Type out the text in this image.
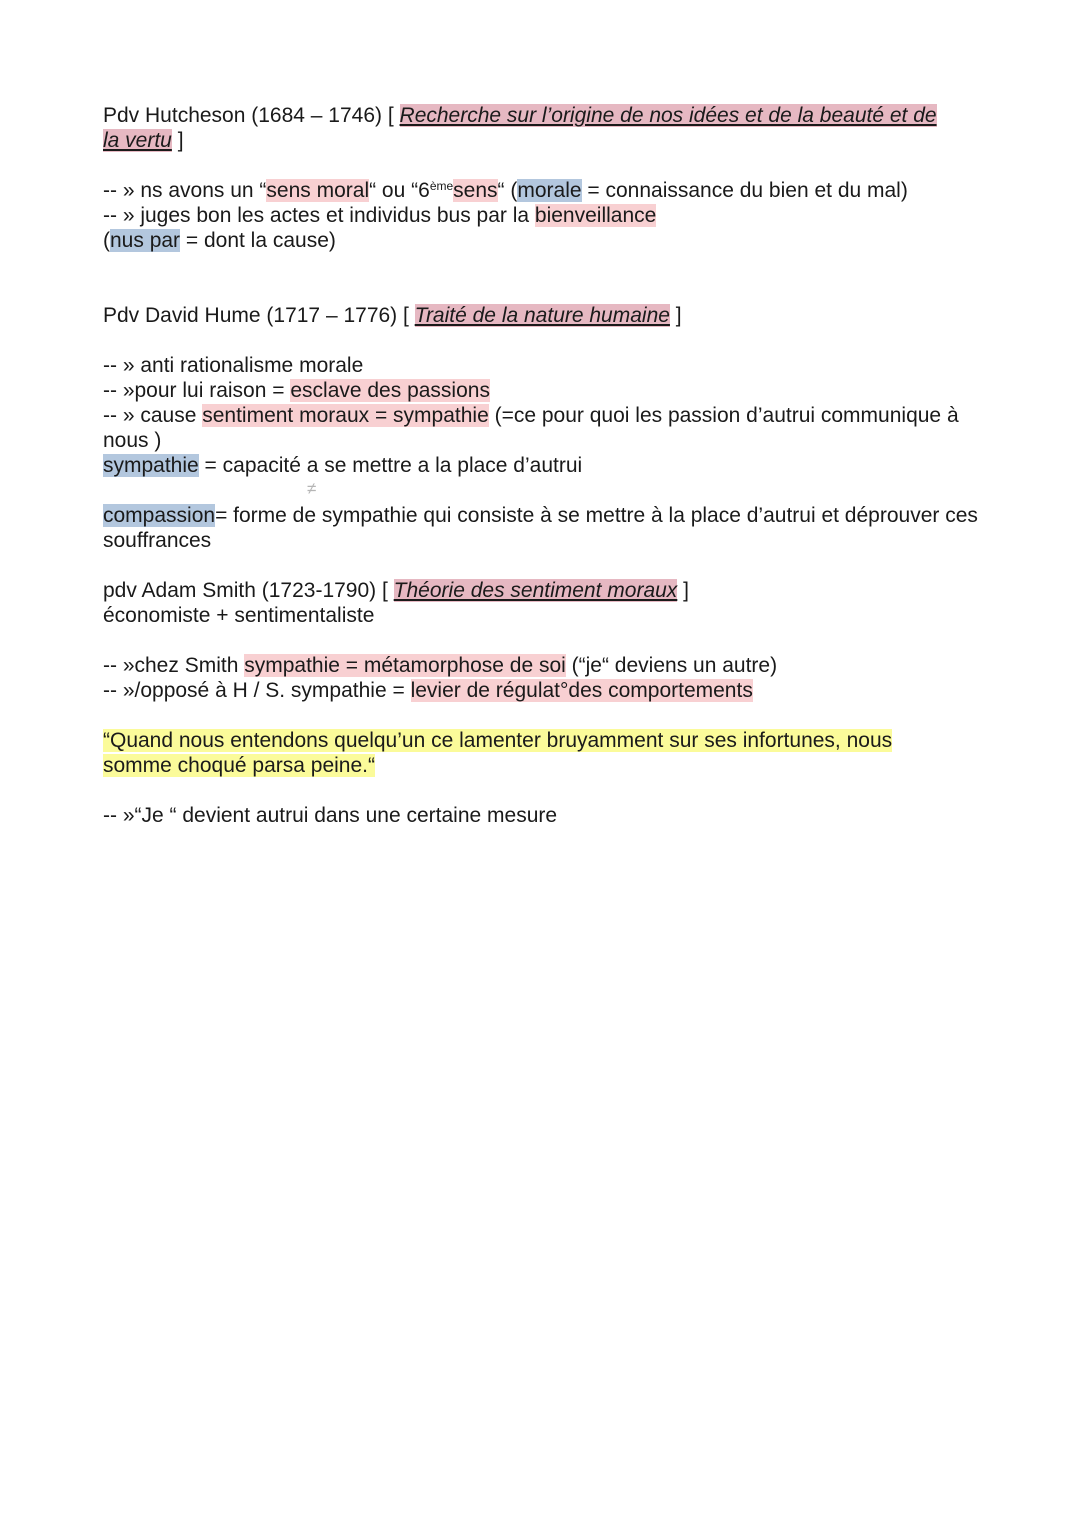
Pdv Hutcheson (1684 – 1746) [ Recherche sur l’origine de nos idées et de la beauté et de
la vertu ]
-- » ns avons un “sens moral“ ou “6èmesens“ (morale = connaissance du bien et du mal)
-- » juges bon les actes et individus bus par la bienveillance
(nus par = dont la cause)
Pdv David Hume (1717 – 1776) [ Traité de la nature humaine ]
-- » anti rationalisme morale
-- »pour lui raison = esclave des passions
-- » cause sentiment moraux = sympathie (=ce pour quoi les passion d’autrui communique à nous )
sympathie = capacité a se mettre a la place d’autrui
compassion= forme de sympathie qui consiste à se mettre à la place d’autrui et déprouver ces souffrances
pdv Adam Smith (1723-1790) [ Théorie des sentiment moraux ]
économiste + sentimentaliste
-- »chez Smith sympathie = métamorphose de soi (“je“ deviens un autre)
-- »/opposé à H / S. sympathie = levier de régulat°des comportements
“Quand nous entendons quelqu’un ce lamenter bruyamment sur ses infortunes, nous somme choqué parsa peine.“
-- »“Je “ devient autrui dans une certaine mesure
≠
